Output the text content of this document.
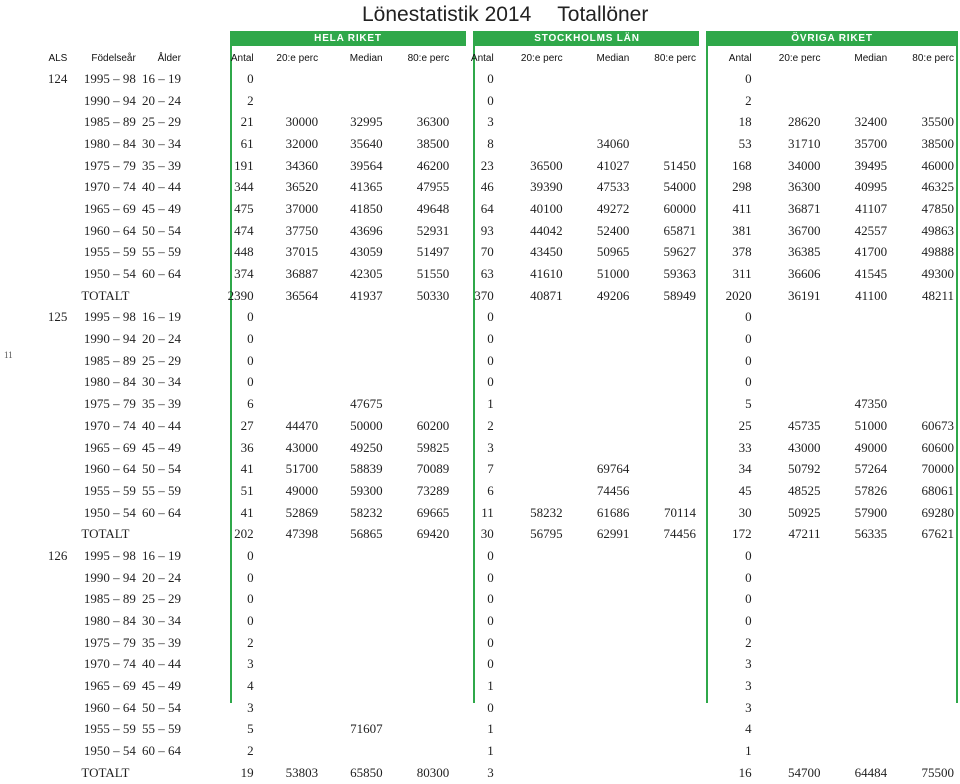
Lönestatistik 2014 Totallöner
HELA RIKET	STOCKHOLMS LÄN	ÖVRIGA RIKET
11
ALS	Födelseår	Ålder	Antal	20:e perc	Median	80:e perc	Antal	20:e perc	Median	80:e perc	Antal	20:e perc	Median	80:e perc
124	1995 – 98	16 – 19	0				0				0			
	1990 – 94	20 – 24	2				0				2			
	1985 – 89	25 – 29	21	30000	32995	36300	3				18	28620	32400	35500
	1980 – 84	30 – 34	61	32000	35640	38500	8		34060		53	31710	35700	38500
	1975 – 79	35 – 39	191	34360	39564	46200	23	36500	41027	51450	168	34000	39495	46000
	1970 – 74	40 – 44	344	36520	41365	47955	46	39390	47533	54000	298	36300	40995	46325
	1965 – 69	45 – 49	475	37000	41850	49648	64	40100	49272	60000	411	36871	41107	47850
	1960 – 64	50 – 54	474	37750	43696	52931	93	44042	52400	65871	381	36700	42557	49863
	1955 – 59	55 – 59	448	37015	43059	51497	70	43450	50965	59627	378	36385	41700	49888
	1950 – 54	60 – 64	374	36887	42305	51550	63	41610	51000	59363	311	36606	41545	49300
	TOTALT		2390	36564	41937	50330	370	40871	49206	58949	2020	36191	41100	48211
125	1995 – 98	16 – 19	0				0				0			
	1990 – 94	20 – 24	0				0				0			
	1985 – 89	25 – 29	0				0				0			
	1980 – 84	30 – 34	0				0				0			
	1975 – 79	35 – 39	6		47675		1				5		47350	
	1970 – 74	40 – 44	27	44470	50000	60200	2				25	45735	51000	60673
	1965 – 69	45 – 49	36	43000	49250	59825	3				33	43000	49000	60600
	1960 – 64	50 – 54	41	51700	58839	70089	7		69764		34	50792	57264	70000
	1955 – 59	55 – 59	51	49000	59300	73289	6		74456		45	48525	57826	68061
	1950 – 54	60 – 64	41	52869	58232	69665	11	58232	61686	70114	30	50925	57900	69280
	TOTALT		202	47398	56865	69420	30	56795	62991	74456	172	47211	56335	67621
126	1995 – 98	16 – 19	0				0				0			
	1990 – 94	20 – 24	0				0				0			
	1985 – 89	25 – 29	0				0				0			
	1980 – 84	30 – 34	0				0				0			
	1975 – 79	35 – 39	2				0				2			
	1970 – 74	40 – 44	3				0				3			
	1965 – 69	45 – 49	4				1				3			
	1960 – 64	50 – 54	3				0				3			
	1955 – 59	55 – 59	5		71607		1				4			
	1950 – 54	60 – 64	2				1				1			
	TOTALT		19	53803	65850	80300	3				16	54700	64484	75500
